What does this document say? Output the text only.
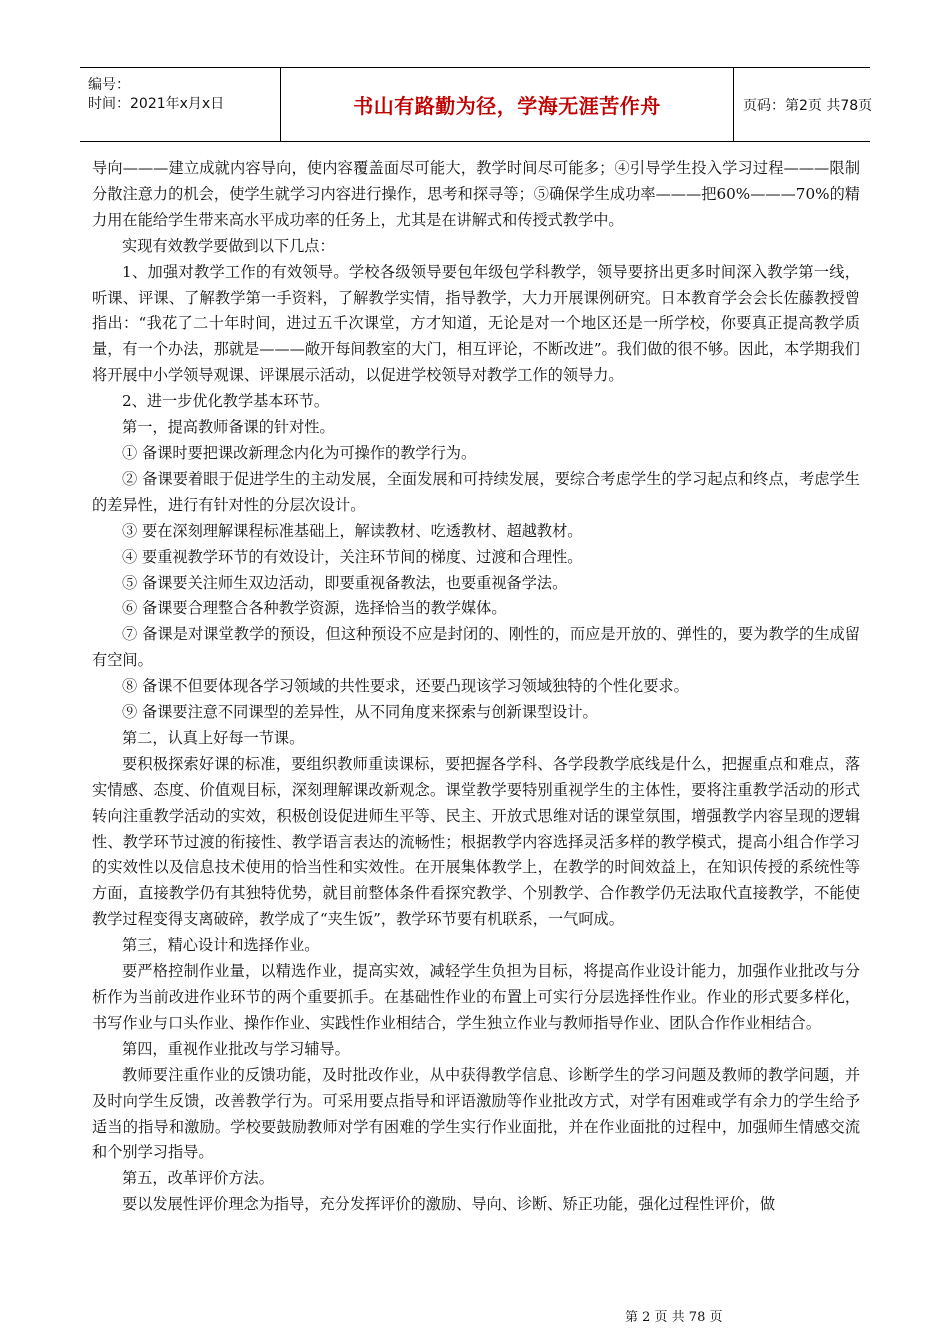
编号：
时间：2021年x月x日	书山有路勤为径，学海无涯苦作舟	页码：第2页 共78页

导向———建立成就内容导向，使内容覆盖面尽可能大，教学时间尽可能多；④引导学生投入学习过程———限制分散注意力的机会，使学生就学习内容进行操作，思考和探寻等；⑤确保学生成功率———把60%———70%的精力用在能给学生带来高水平成功率的任务上，尤其是在讲解式和传授式教学中。

实现有效教学要做到以下几点：

1、加强对教学工作的有效领导。学校各级领导要包年级包学科教学，领导要挤出更多时间深入教学第一线，听课、评课、了解教学第一手资料，了解教学实情，指导教学，大力开展课例研究。日本教育学会会长佐藤教授曾指出：“我花了二十年时间，进过五千次课堂，方才知道，无论是对一个地区还是一所学校，你要真正提高教学质量，有一个办法，那就是———敞开每间教室的大门，相互评论，不断改进”。我们做的很不够。因此，本学期我们将开展中小学领导观课、评课展示活动，以促进学校领导对教学工作的领导力。

2、进一步优化教学基本环节。

第一，提高教师备课的针对性。

① 备课时要把课改新理念内化为可操作的教学行为。

② 备课要着眼于促进学生的主动发展，全面发展和可持续发展，要综合考虑学生的学习起点和终点，考虑学生的差异性，进行有针对性的分层次设计。

③ 要在深刻理解课程标准基础上，解读教材、吃透教材、超越教材。

④ 要重视教学环节的有效设计，关注环节间的梯度、过渡和合理性。

⑤ 备课要关注师生双边活动，即要重视备教法，也要重视备学法。

⑥ 备课要合理整合各种教学资源，选择恰当的教学媒体。

⑦ 备课是对课堂教学的预设，但这种预设不应是封闭的、刚性的，而应是开放的、弹性的，要为教学的生成留有空间。

⑧ 备课不但要体现各学习领域的共性要求，还要凸现该学习领域独特的个性化要求。

⑨ 备课要注意不同课型的差异性，从不同角度来探索与创新课型设计。

第二，认真上好每一节课。

要积极探索好课的标准，要组织教师重读课标，要把握各学科、各学段教学底线是什么，把握重点和难点，落实情感、态度、价值观目标，深刻理解课改新观念。课堂教学要特别重视学生的主体性，要将注重教学活动的形式转向注重教学活动的实效，积极创设促进师生平等、民主、开放式思维对话的课堂氛围，增强教学内容呈现的逻辑性、教学环节过渡的衔接性、教学语言表达的流畅性；根据教学内容选择灵活多样的教学模式，提高小组合作学习的实效性以及信息技术使用的恰当性和实效性。在开展集体教学上，在教学的时间效益上，在知识传授的系统性等方面，直接教学仍有其独特优势，就目前整体条件看探究教学、个别教学、合作教学仍无法取代直接教学，不能使教学过程变得支离破碎，教学成了“夹生饭”，教学环节要有机联系，一气呵成。

第三，精心设计和选择作业。

要严格控制作业量，以精选作业，提高实效，减轻学生负担为目标，将提高作业设计能力，加强作业批改与分析作为当前改进作业环节的两个重要抓手。在基础性作业的布置上可实行分层选择性作业。作业的形式要多样化，书写作业与口头作业、操作作业、实践性作业相结合，学生独立作业与教师指导作业、团队合作作业相结合。

第四，重视作业批改与学习辅导。

教师要注重作业的反馈功能，及时批改作业，从中获得教学信息、诊断学生的学习问题及教师的教学问题，并及时向学生反馈，改善教学行为。可采用要点指导和评语激励等作业批改方式，对学有困难或学有余力的学生给予适当的指导和激励。学校要鼓励教师对学有困难的学生实行作业面批，并在作业面批的过程中，加强师生情感交流和个别学习指导。

第五，改革评价方法。

要以发展性评价理念为指导，充分发挥评价的激励、导向、诊断、矫正功能，强化过程性评价，做

第 2 页 共 78 页
